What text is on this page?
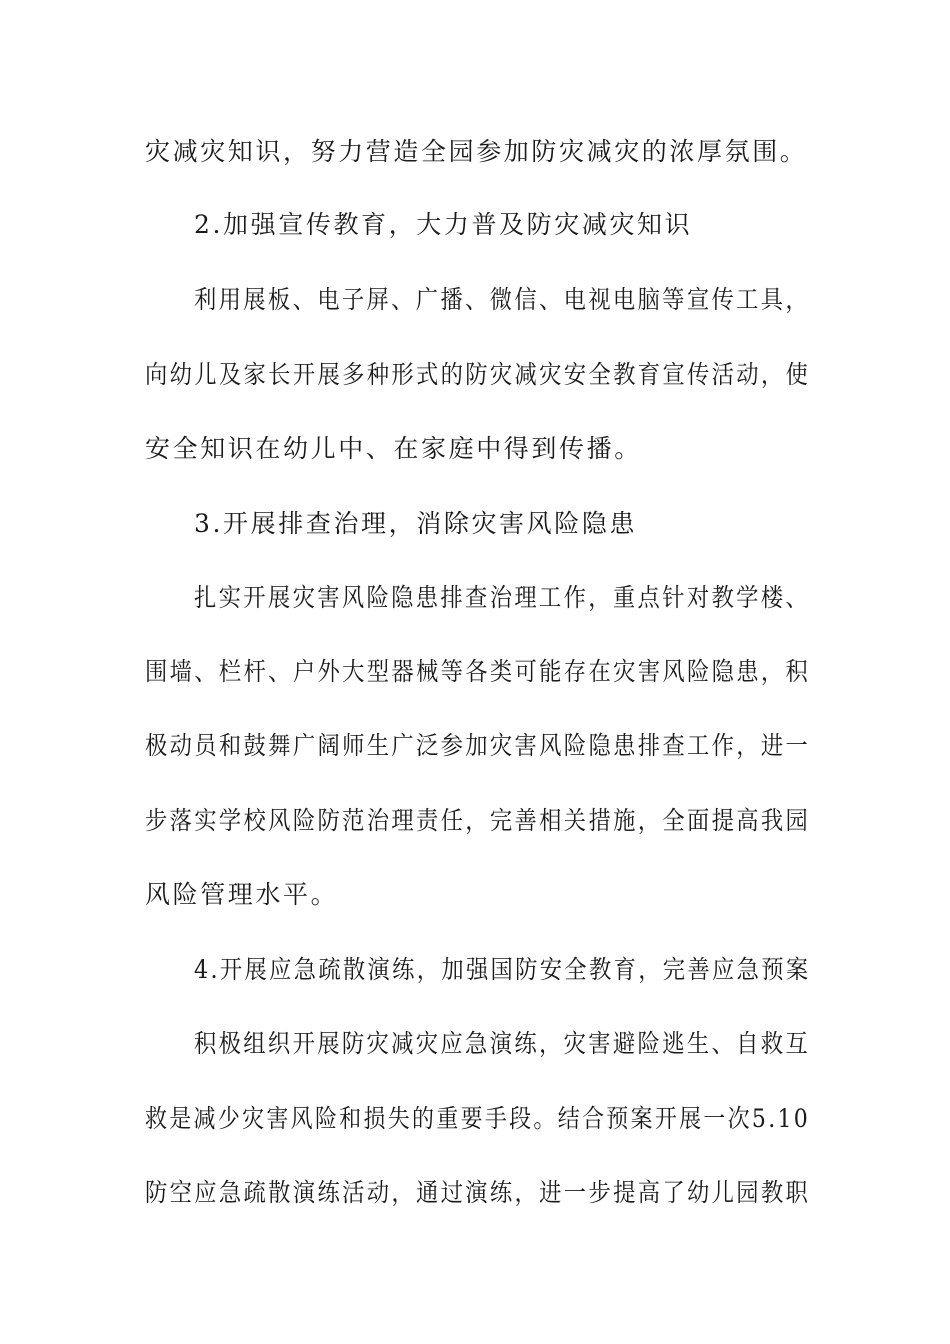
灾减灾知识，努力营造全园参加防灾减灾的浓厚氛围。
2.加强宣传教育，大力普及防灾减灾知识
利用展板、电子屏、广播、微信、电视电脑等宣传工具，
向幼儿及家长开展多种形式的防灾减灾安全教育宣传活动，使
安全知识在幼儿中、在家庭中得到传播。
3.开展排查治理，消除灾害风险隐患
扎实开展灾害风险隐患排查治理工作，重点针对教学楼、
围墙、栏杆、户外大型器械等各类可能存在灾害风险隐患，积
极动员和鼓舞广阔师生广泛参加灾害风险隐患排查工作，进一
步落实学校风险防范治理责任，完善相关措施，全面提高我园
风险管理水平。
4.开展应急疏散演练，加强国防安全教育，完善应急预案
积极组织开展防灾减灾应急演练，灾害避险逃生、自救互
救是减少灾害风险和损失的重要手段。结合预案开展一次5.10
防空应急疏散演练活动，通过演练，进一步提高了幼儿园教职
